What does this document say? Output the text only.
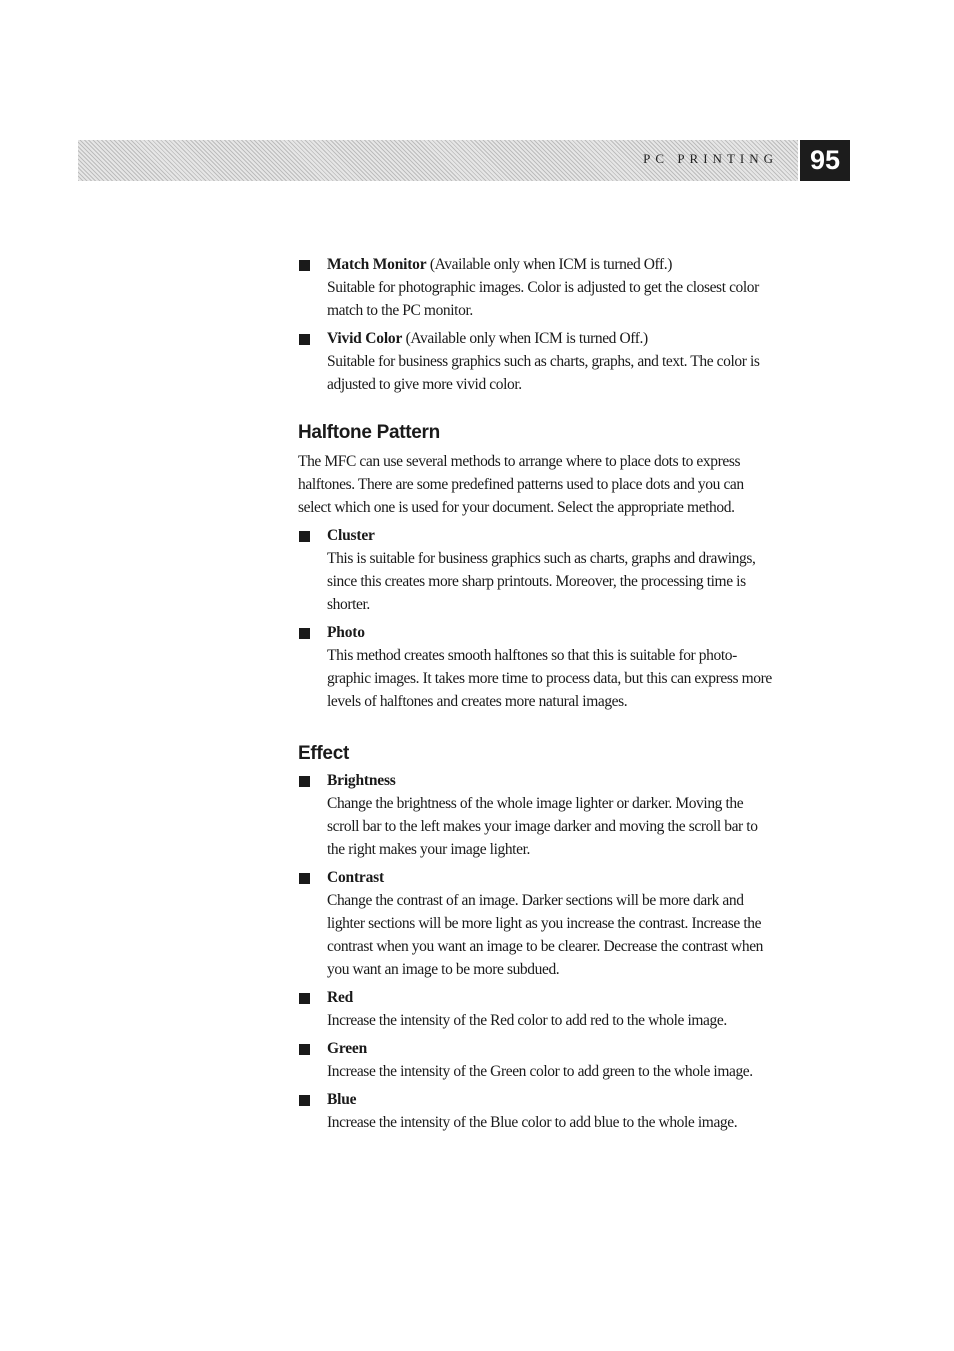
PC PRINTING	95
Match Monitor (Available only when ICM is turned Off.)
Suitable for photographic images. Color is adjusted to get the closest color
match to the PC monitor.
Vivid Color (Available only when ICM is turned Off.)
Suitable for business graphics such as charts, graphs, and text. The color is
adjusted to give more vivid color.
Halftone Pattern
The MFC can use several methods to arrange where to place dots to express
halftones. There are some predefined patterns used to place dots and you can
select which one is used for your document. Select the appropriate method.
Cluster
This is suitable for business graphics such as charts, graphs and drawings,
since this creates more sharp printouts. Moreover, the processing time is
shorter.
Photo
This method creates smooth halftones so that this is suitable for photo-
graphic images. It takes more time to process data, but this can express more
levels of halftones and creates more natural images.
Effect
Brightness
Change the brightness of the whole image lighter or darker. Moving the
scroll bar to the left makes your image darker and moving the scroll bar to
the right makes your image lighter.
Contrast
Change the contrast of an image. Darker sections will be more dark and
lighter sections will be more light as you increase the contrast. Increase the
contrast when you want an image to be clearer. Decrease the contrast when
you want an image to be more subdued.
Red
Increase the intensity of the Red color to add red to the whole image.
Green
Increase the intensity of the Green color to add green to the whole image.
Blue
Increase the intensity of the Blue color to add blue to the whole image.
